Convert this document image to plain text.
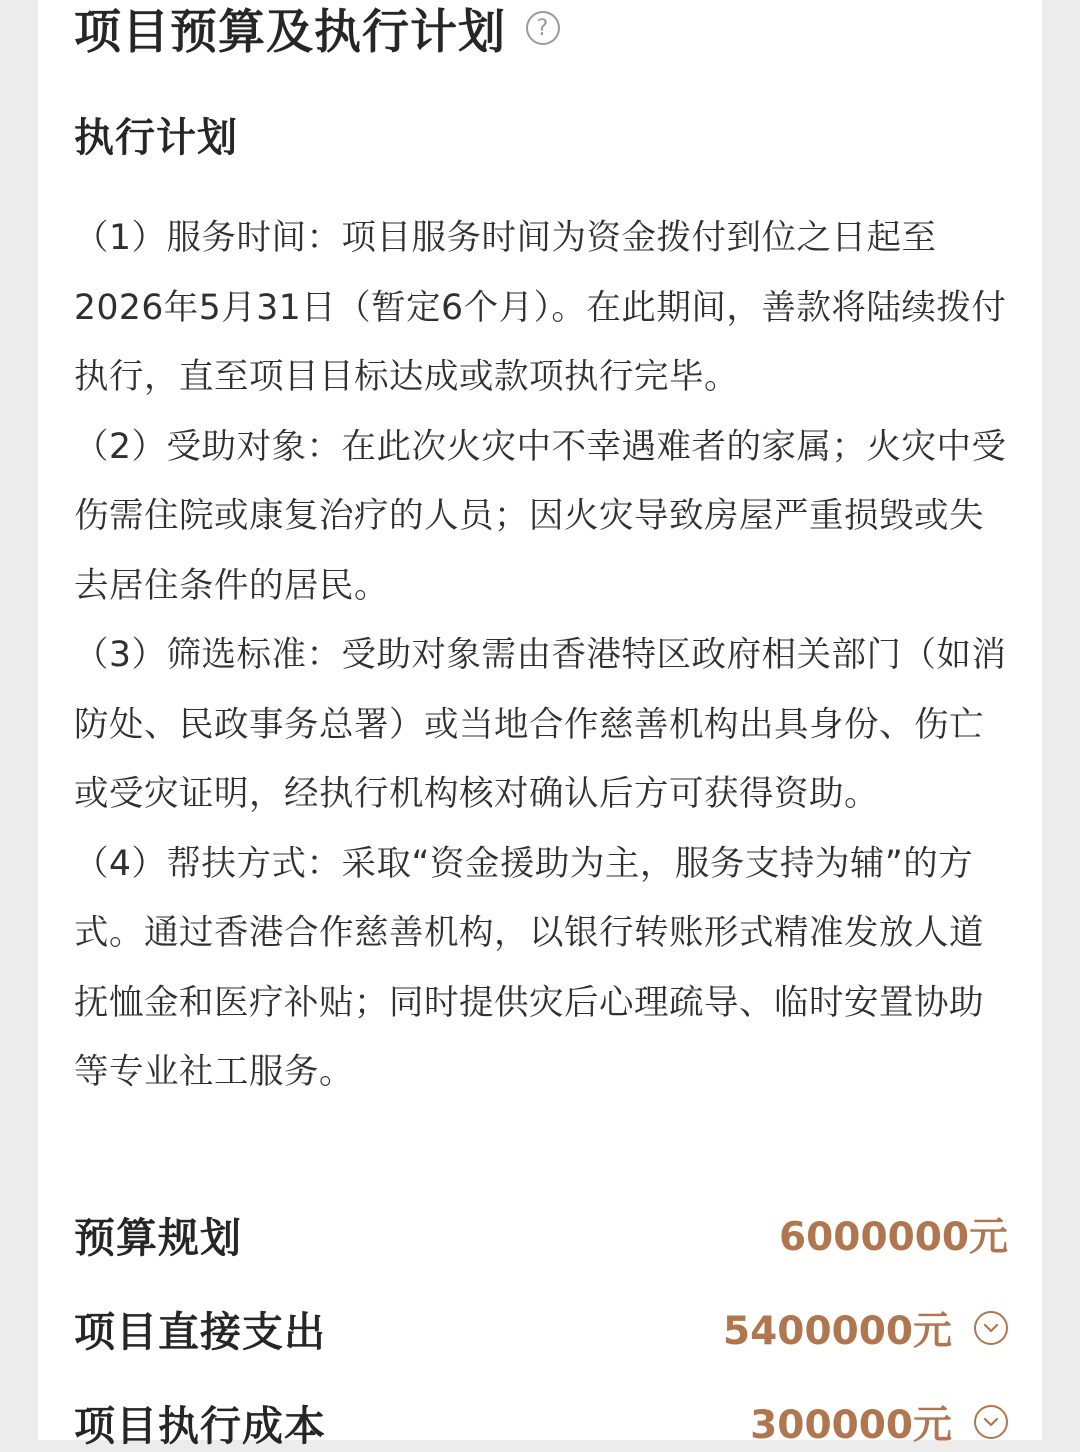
项目预算及执行计划	?
执行计划

（1）服务时间：项目服务时间为资金拨付到位之日起至2026年5月31日（暂定6个月）。在此期间，善款将陆续拨付执行，直至项目目标达成或款项执行完毕。

（2）受助对象：在此次火灾中不幸遇难者的家属；火灾中受伤需住院或康复治疗的人员；因火灾导致房屋严重损毁或失去居住条件的居民。

（3）筛选标准：受助对象需由香港特区政府相关部门（如消防处、民政事务总署）或当地合作慈善机构出具身份、伤亡或受灾证明，经执行机构核对确认后方可获得资助。

（4）帮扶方式：采取“资金援助为主，服务支持为辅”的方式。通过香港合作慈善机构，以银行转账形式精准发放人道抚恤金和医疗补贴；同时提供灾后心理疏导、临时安置协助等专业社工服务。

预算规划	6000000元
项目直接支出	5400000元
项目执行成本	300000元
